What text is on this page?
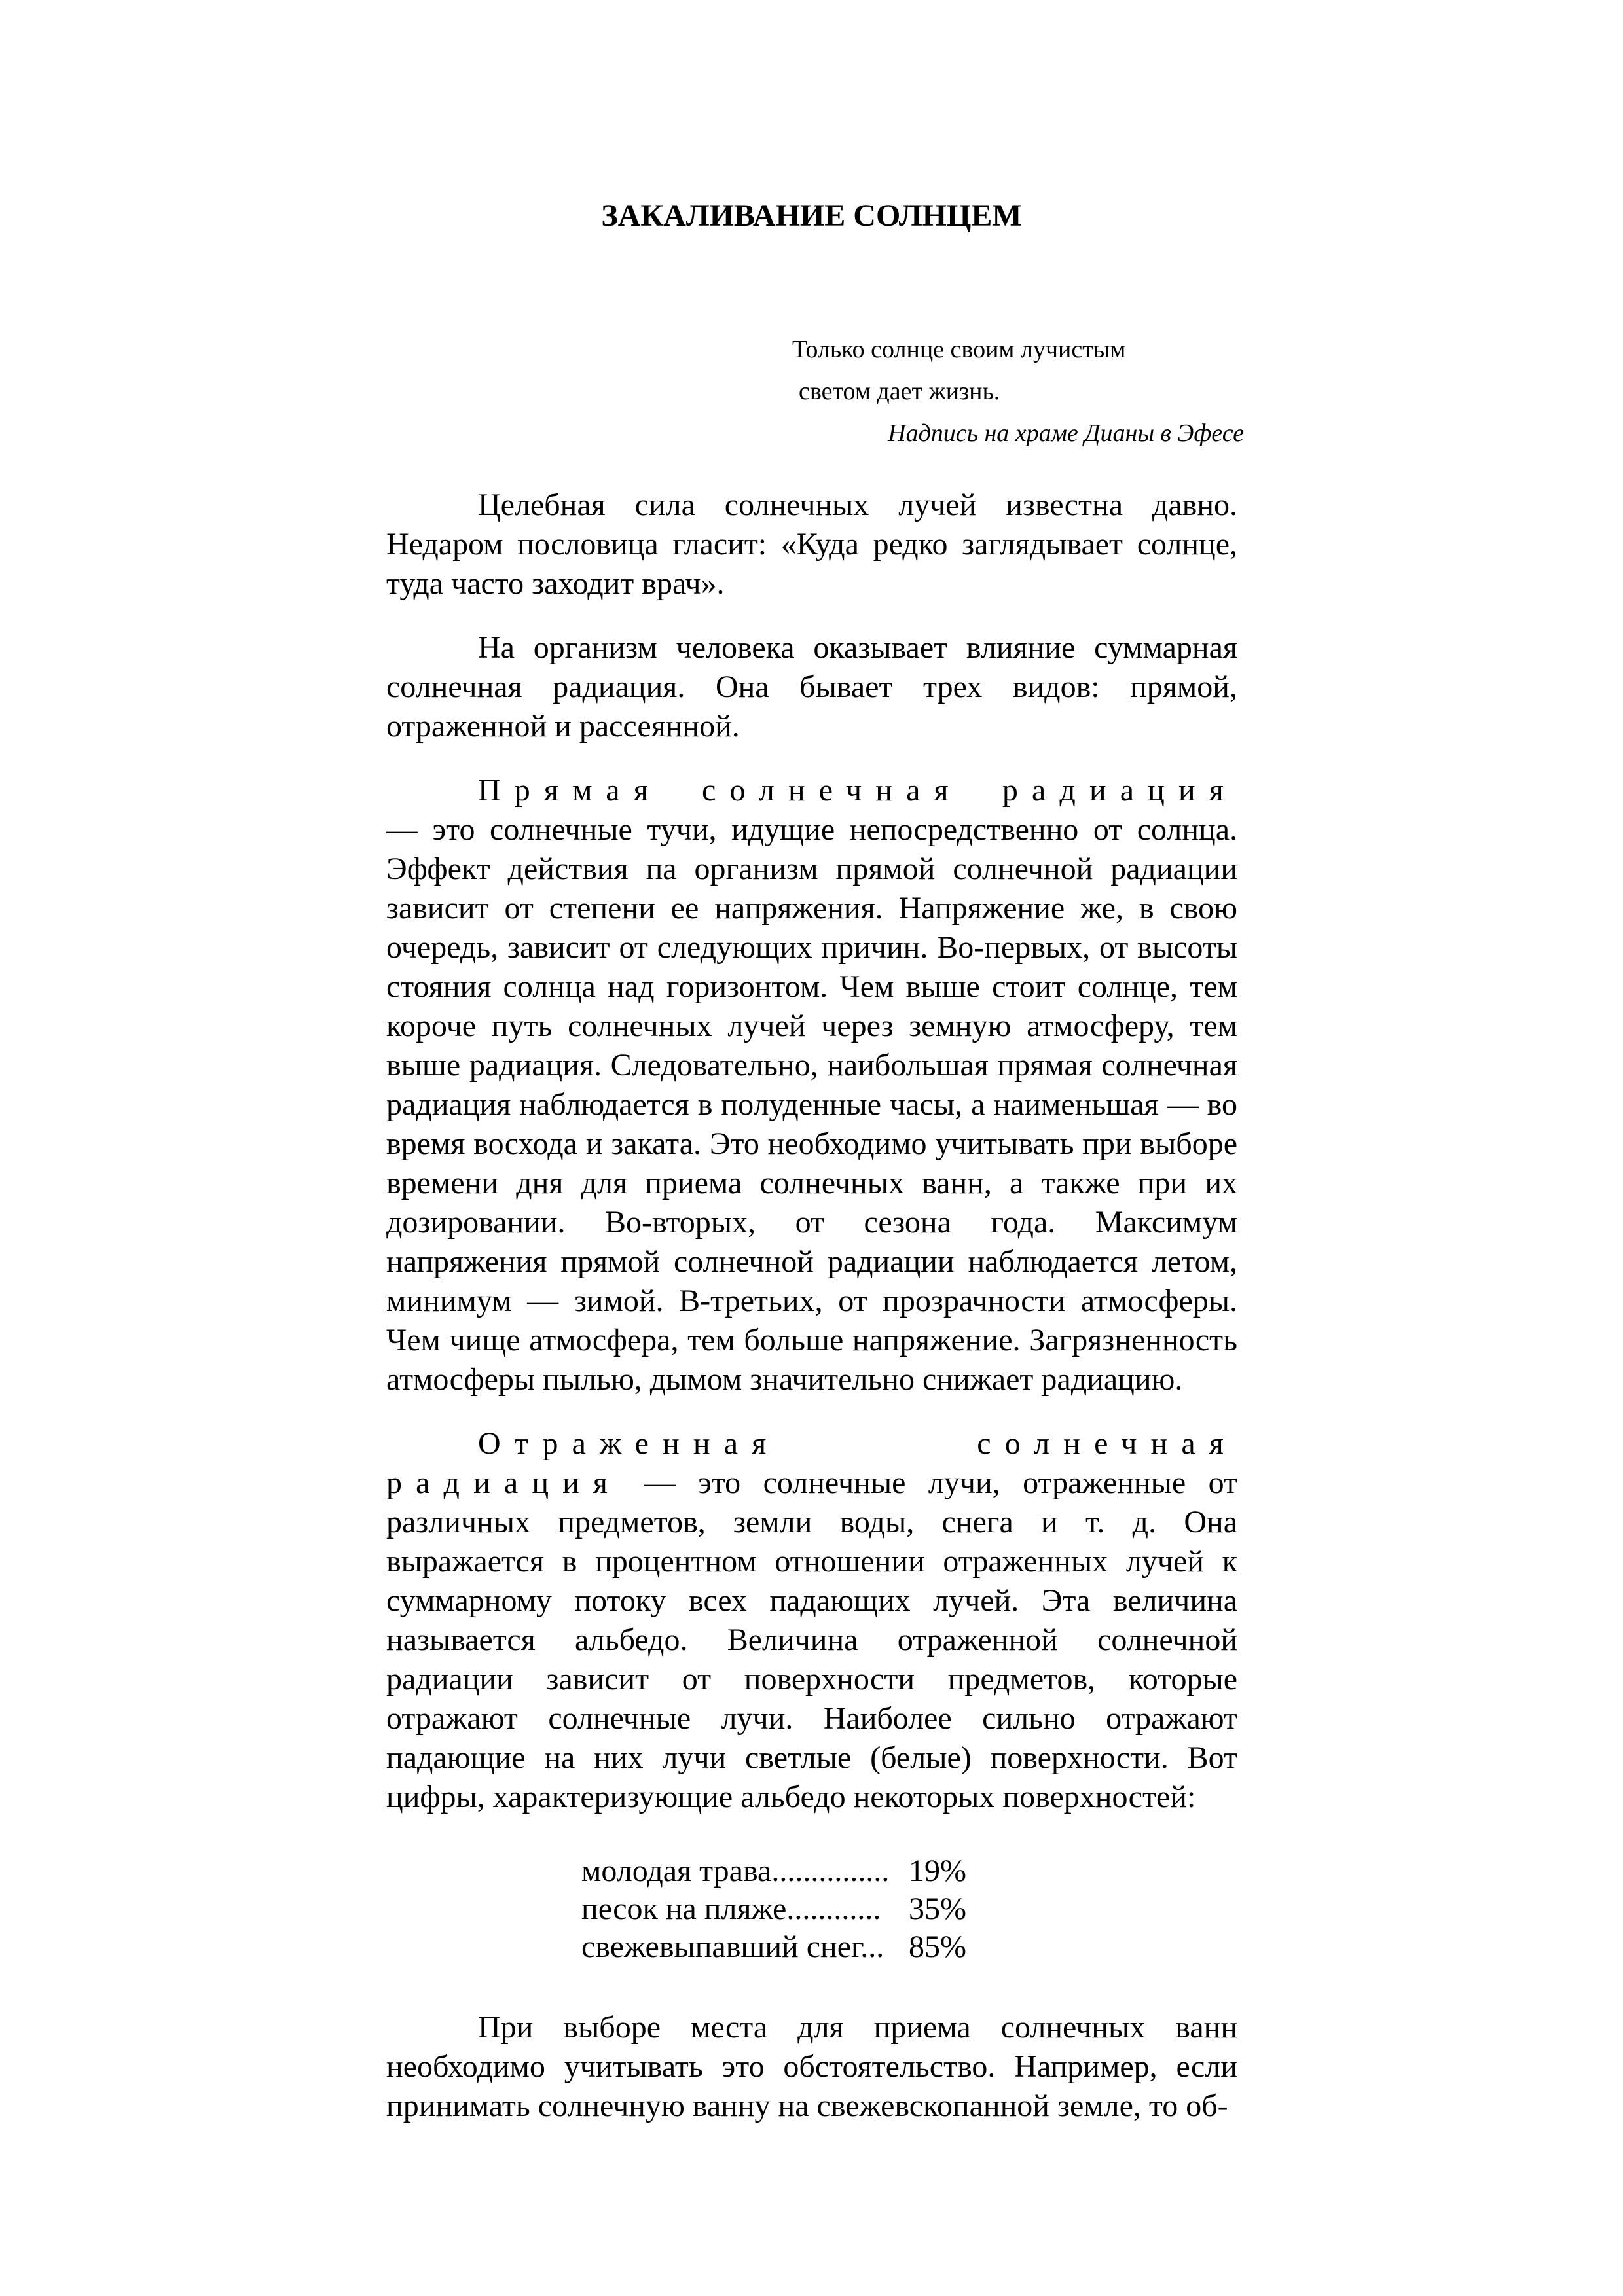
ЗАКАЛИВАНИЕ СОЛНЦЕМ
Только солнце своим лучистым
светом дает жизнь.
Надпись на храме Дианы в Эфесе

Целебная сила солнечных лучей известна давно. Недаром пословица гласит: «Куда редко заглядывает солнце, туда часто заходит врач».

На организм человека оказывает влияние суммарная солнечная радиация. Она бывает трех видов: прямой, отраженной и рассеянной.

Прямая солнечная радиация — это солнечные тучи, идущие непосредственно от солнца. Эффект действия па организм прямой солнечной радиации зависит от степени ее напряжения. Напряжение же, в свою очередь, зависит от следующих причин. Во-первых, от высоты стояния солнца над горизонтом. Чем выше стоит солнце, тем короче путь солнечных лучей через земную атмосферу, тем выше радиация. Следовательно, наибольшая прямая солнечная радиация наблюдается в полуденные часы, а наименьшая — во время восхода и заката. Это необходимо учитывать при выборе времени дня для приема солнечных ванн, а также при их дозировании. Во-вторых, от сезона года. Максимум напряжения прямой солнечной радиации наблюдается летом, минимум — зимой. В-третьих, от прозрачности атмосферы. Чем чище атмосфера, тем больше напряжение. Загрязненность атмосферы пылью, дымом значительно снижает радиацию.

Отраженная солнечная радиация — это солнечные лучи, отраженные от различных предметов, земли воды, снега и т. д. Она выражается в процентном отношении отраженных лучей к суммарному потоку всех падающих лучей. Эта величина называется альбедо. Величина отраженной солнечной радиации зависит от поверхности предметов, которые отражают солнечные лучи. Наиболее сильно отражают падающие на них лучи светлые (белые) поверхности. Вот цифры, характеризующие альбедо некоторых поверхностей:

молодая трава............... 19%
песок на пляже............ 35%
свежевыпавший снег... 85%

При выборе места для приема солнечных ванн необходимо учитывать это обстоятельство. Например, если принимать солнечную ванну на свежевскопанной земле, то об-
